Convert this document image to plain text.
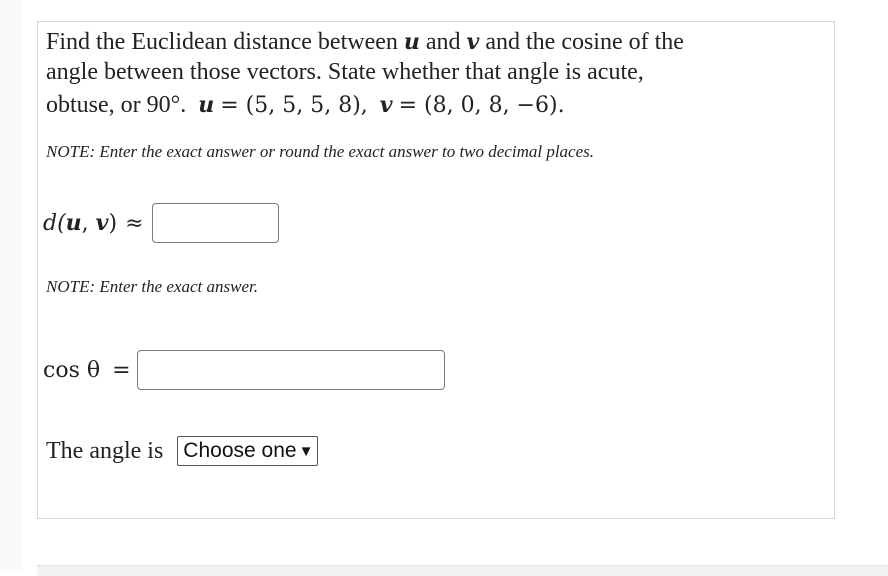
Find the Euclidean distance between u and v and the cosine of the
angle between those vectors. State whether that angle is acute,
obtuse, or 90°. u = (5, 5, 5, 8), v = (8, 0, 8, −6).
NOTE: Enter the exact answer or round the exact answer to two decimal places.
d(u, v) ≈
NOTE: Enter the exact answer.
cos θ =
The angle is Choose one ▼
